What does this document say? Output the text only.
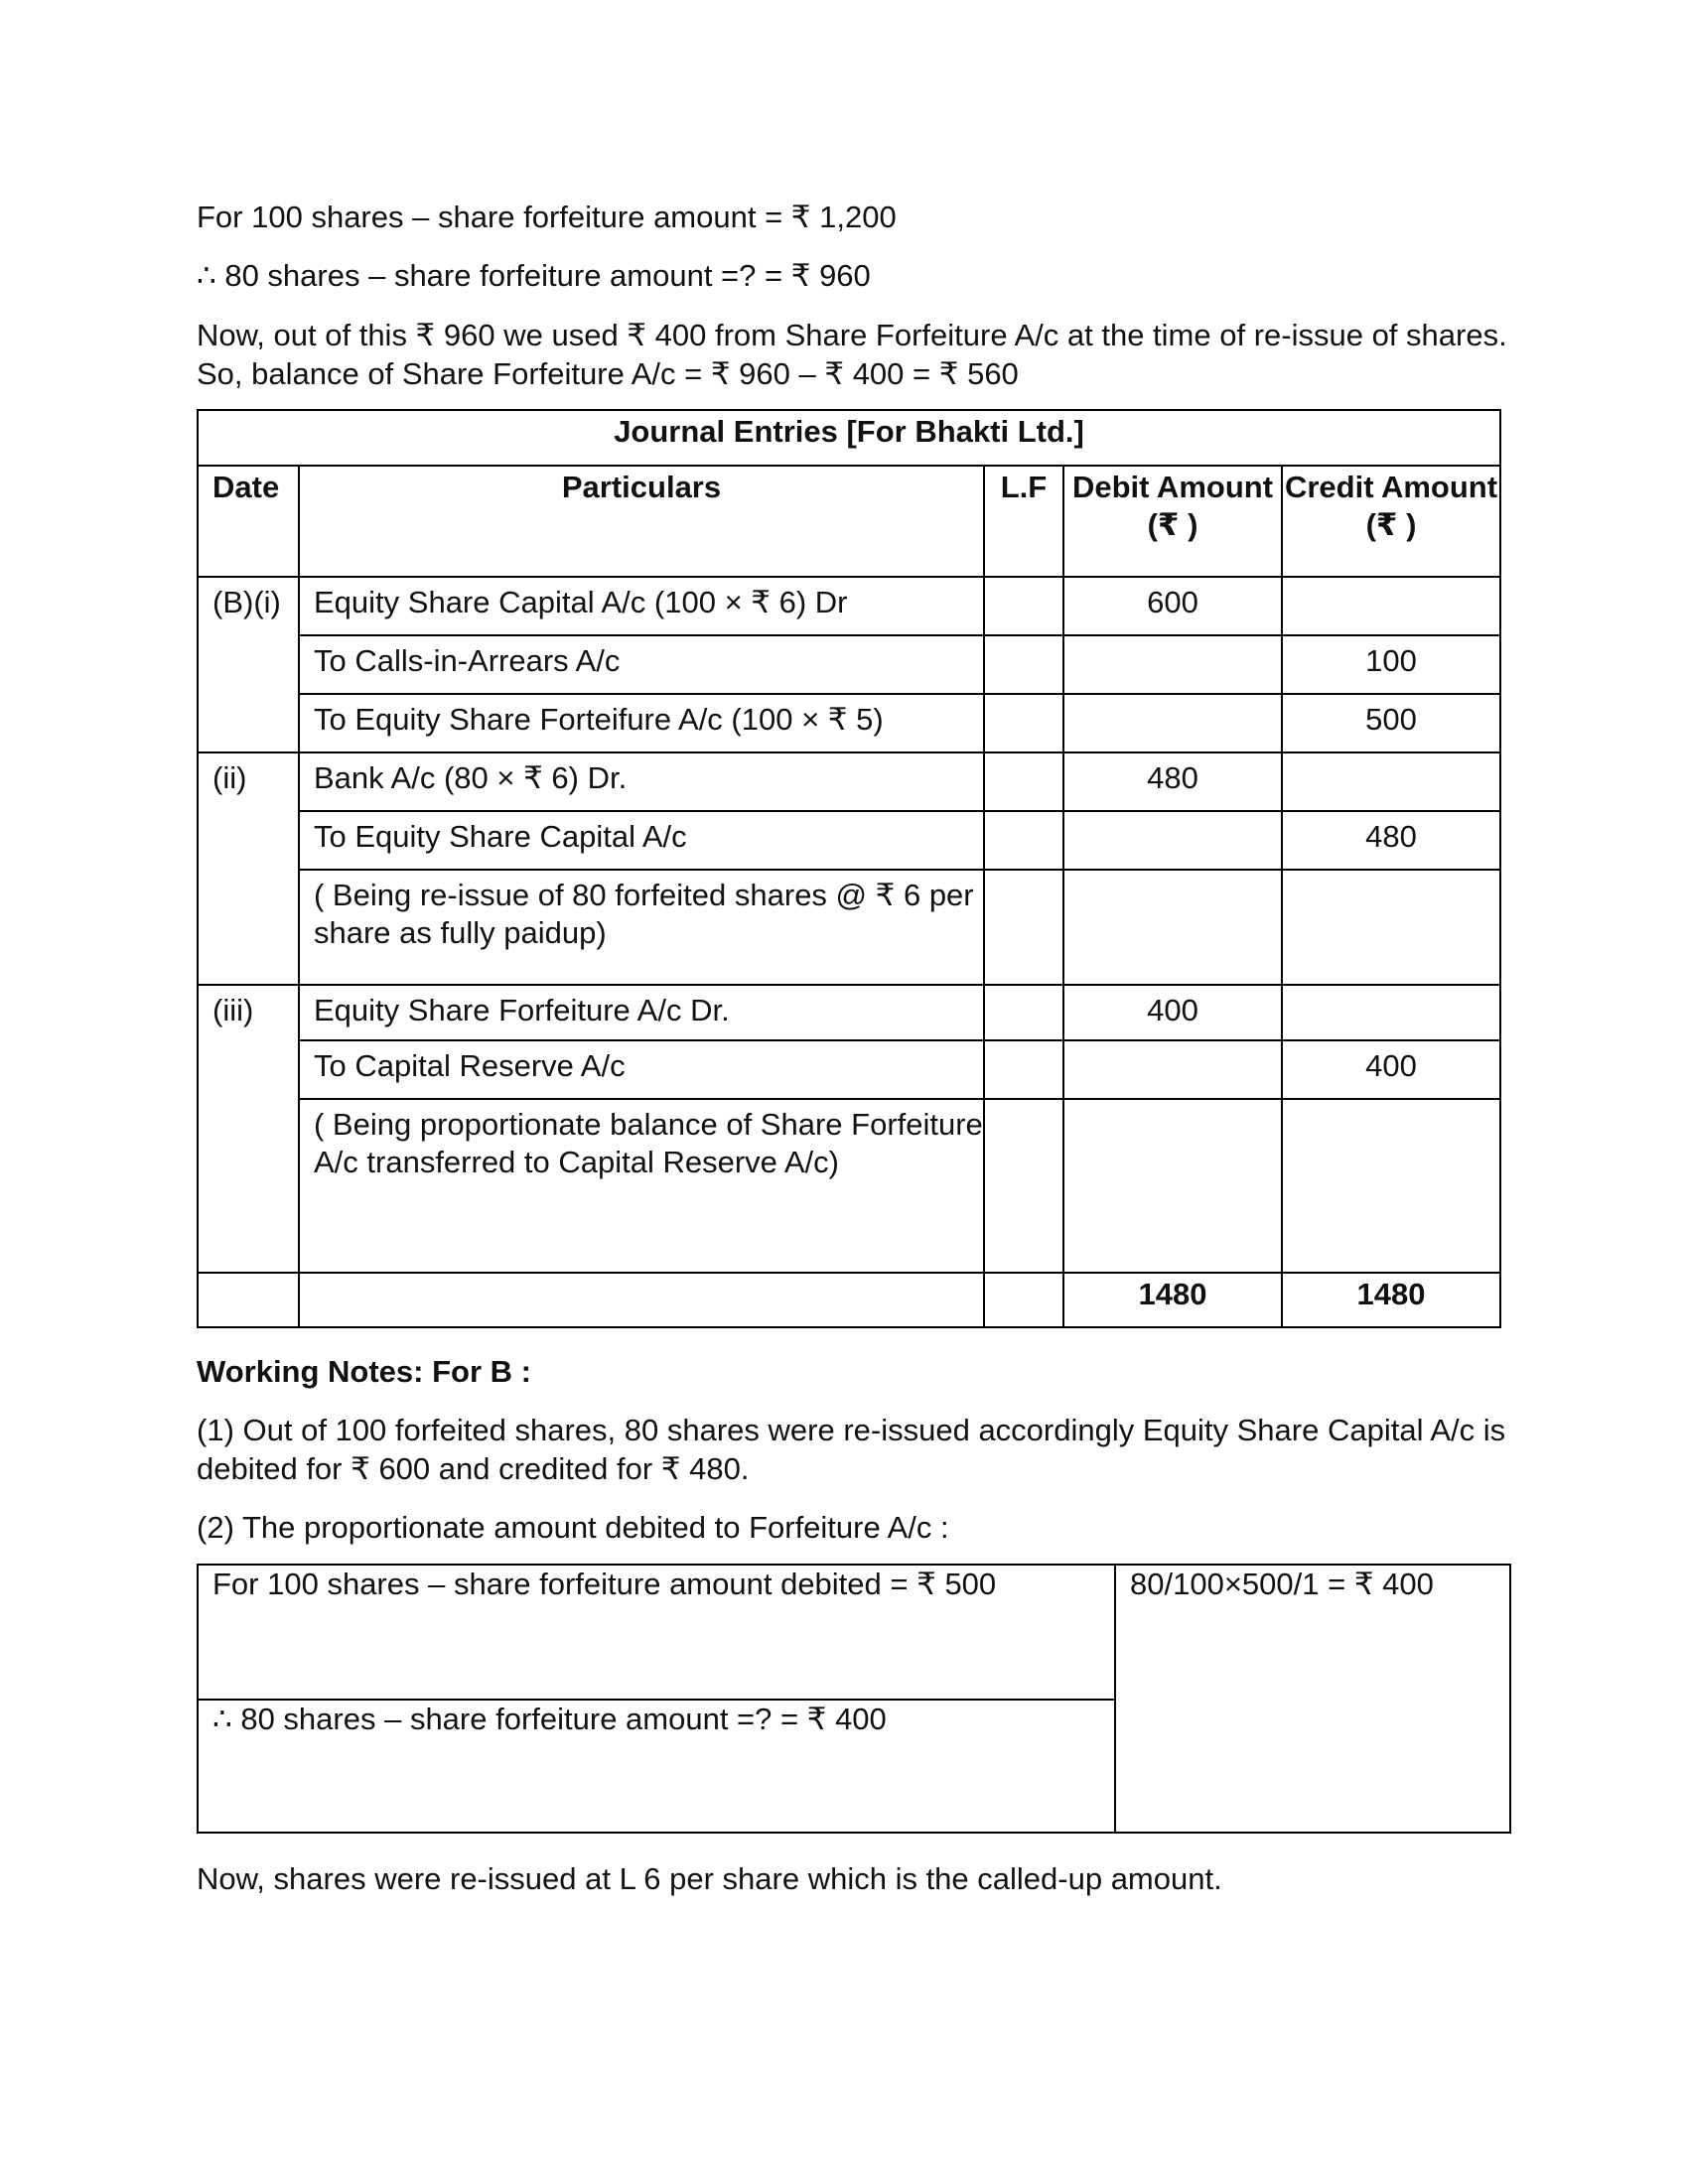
For 100 shares – share forfeiture amount = ₹ 1,200

∴ 80 shares – share forfeiture amount =? = ₹ 960

Now, out of this ₹ 960 we used ₹ 400 from Share Forfeiture A/c at the time of re-issue of shares. So, balance of Share Forfeiture A/c = ₹ 960 – ₹ 400 = ₹ 560

Journal Entries [For Bhakti Ltd.]				
Date	Particulars	L.F	Debit Amount (₹ )	Credit Amount (₹ )
(B)(i)	Equity Share Capital A/c (100 × ₹ 6) Dr		600	
	To Calls-in-Arrears A/c			100
	To Equity Share Forteifure A/c (100 × ₹ 5)			500
(ii)	Bank A/c (80 × ₹ 6) Dr.		480	
	To Equity Share Capital A/c			480
	( Being re-issue of 80 forfeited shares @ ₹ 6 per share as fully paidup)			
(iii)	Equity Share Forfeiture A/c Dr.		400	
	To Capital Reserve A/c			400
	( Being proportionate balance of Share Forfeiture A/c transferred to Capital Reserve A/c)			
			1480	1480

Working Notes: For B :

(1) Out of 100 forfeited shares, 80 shares were re-issued accordingly Equity Share Capital A/c is debited for ₹ 600 and credited for ₹ 480.

(2) The proportionate amount debited to Forfeiture A/c :

For 100 shares – share forfeiture amount debited = ₹ 500	80/100×500/1 = ₹ 400
∴ 80 shares – share forfeiture amount =? = ₹ 400

Now, shares were re-issued at L 6 per share which is the called-up amount.
